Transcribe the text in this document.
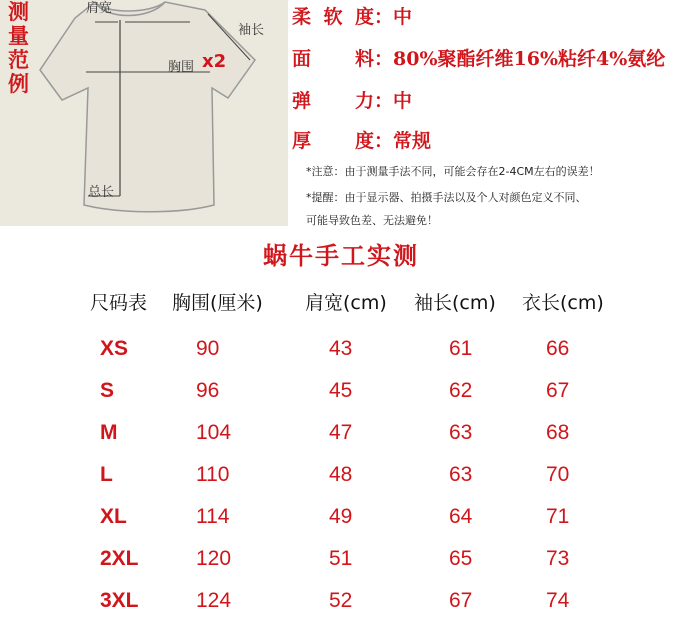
测量范例
肩宽
袖长
胸围 x2
总长
柔软度：中
面料：80%聚酯纤维16%粘纤4%氨纶
弹力：中
厚度：常规
*注意：由于测量手法不同，可能会存在2-4CM左右的误差！
*提醒：由于显示器、拍摄手法以及个人对颜色定义不同、
可能导致色差、无法避免！
蜗牛手工实测
尺码表 胸围(厘米) 肩宽(cm) 袖长(cm) 衣长(cm)
XS	90	43	61	66
S	96	45	62	67
M	104	47	63	68
L	110	48	63	70
XL	114	49	64	71
2XL	120	51	65	73
3XL	124	52	67	74
